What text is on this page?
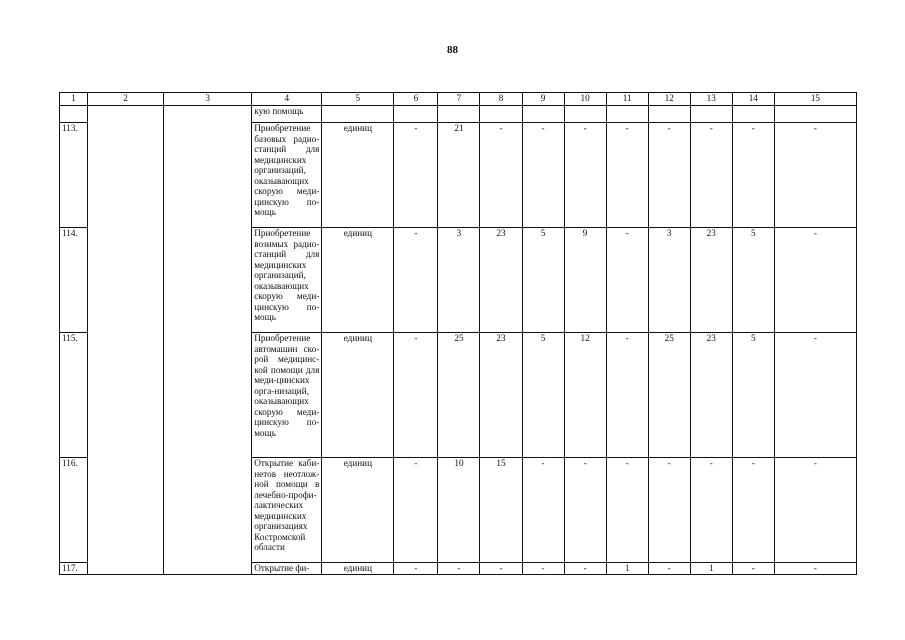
88
1	2	3	4	5	6	7	8	9	10	11	12	13	14	15
			кую помощь											
113.			Приобретение базовых радио-станций для медицинских организаций, оказывающих скорую меди-цинскую по-мощь	единиц	-	21	-	-	-	-	-	-	-	-
114.			Приобретение возимых радио-станций для медицинских организаций, оказывающих скорую меди-цинскую по-мощь	единиц	-	3	23	5	9	-	3	23	5	-
115.			Приобретение автомашин ско-рой медицинс-кой помощи для меди-цинских орга-низаций, оказывающих скорую меди-цинскую по-мощь	единиц	-	25	23	5	12	-	25	23	5	-
116.			Открытие каби-нетов неотлож-ной помощи в лечебно-профи-лактических медицинских организациях Костромской области	единиц	-	10	15	-	-	-	-	-	-	-
117.			Открытие фи-	единиц	-	-	-	-	-	1	-	1	-	-
